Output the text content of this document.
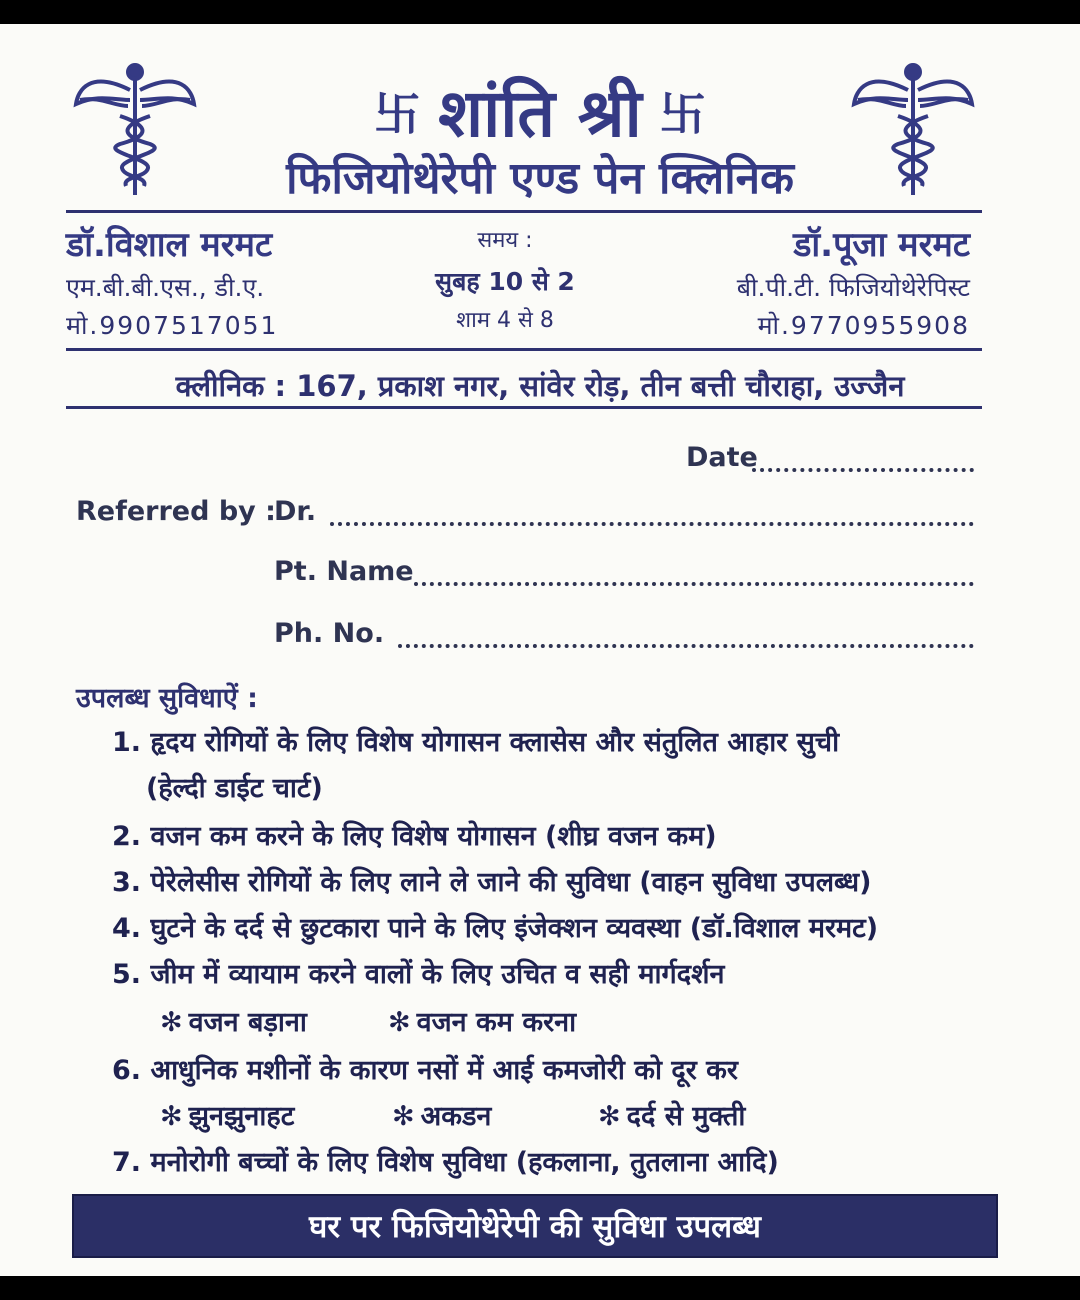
卐 शांति श्री 卐
फिजियोथेरेपी एण्ड पेन क्लिनिक
डॉ.विशाल मरमट
एम.बी.बी.एस., डी.ए.
मो.9907517051
समय :
सुबह 10 से 2
शाम 4 से 8
डॉ.पूजा मरमट
बी.पी.टी. फिजियोथेरेपिस्ट
मो.9770955908
क्लीनिक : 167, प्रकाश नगर, सांवेर रोड़, तीन बत्ती चौराहा, उज्जैन
Date
Referred by :
Dr.
Pt. Name
Ph. No.
उपलब्ध सुविधाऐं :
1. हृदय रोगियों के लिए विशेष योगासन क्लासेस और संतुलित आहार सुची
(हेल्दी डाईट चार्ट)
2. वजन कम करने के लिए विशेष योगासन (शीघ्र वजन कम)
3. पेरेलेसीस रोगियों के लिए लाने ले जाने की सुविधा (वाहन सुविधा उपलब्ध)
4. घुटने के दर्द से छुटकारा पाने के लिए इंजेक्शन व्यवस्था (डॉ.विशाल मरमट)
5. जीम में व्यायाम करने वालों के लिए उचित व सही मार्गदर्शन
✻ वजन बड़ाना	✻ वजन कम करना
6. आधुनिक मशीनों के कारण नसों में आई कमजोरी को दूर कर
✻ झुनझुनाहट	✻ अकडन	✻ दर्द से मुक्ती
7. मनोरोगी बच्चों के लिए विशेष सुविधा (हकलाना, तुतलाना आदि)
घर पर फिजियोथेरेपी की सुविधा उपलब्ध
